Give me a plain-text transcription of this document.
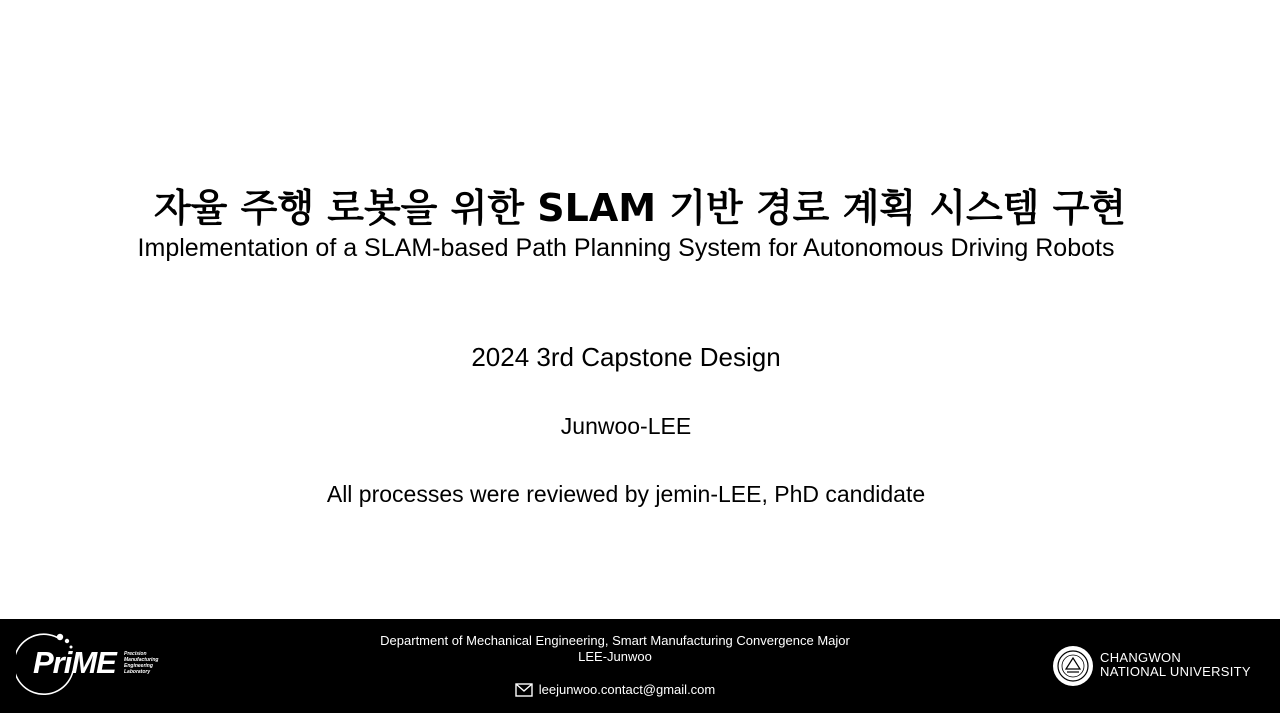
자율 주행 로봇을 위한 SLAM 기반 경로 계획 시스템 구현
Implementation of a SLAM-based Path Planning System for Autonomous Driving Robots
2024 3rd Capstone Design
Junwoo-LEE
All processes were reviewed by jemin-LEE, PhD candidate
PriME Precision
Manufacturing
Engineering
Laboratory
Department of Mechanical Engineering, Smart Manufacturing Convergence Major
LEE-Junwoo
leejunwoo.contact@gmail.com
CHANGWON
NATIONAL UNIVERSITY
